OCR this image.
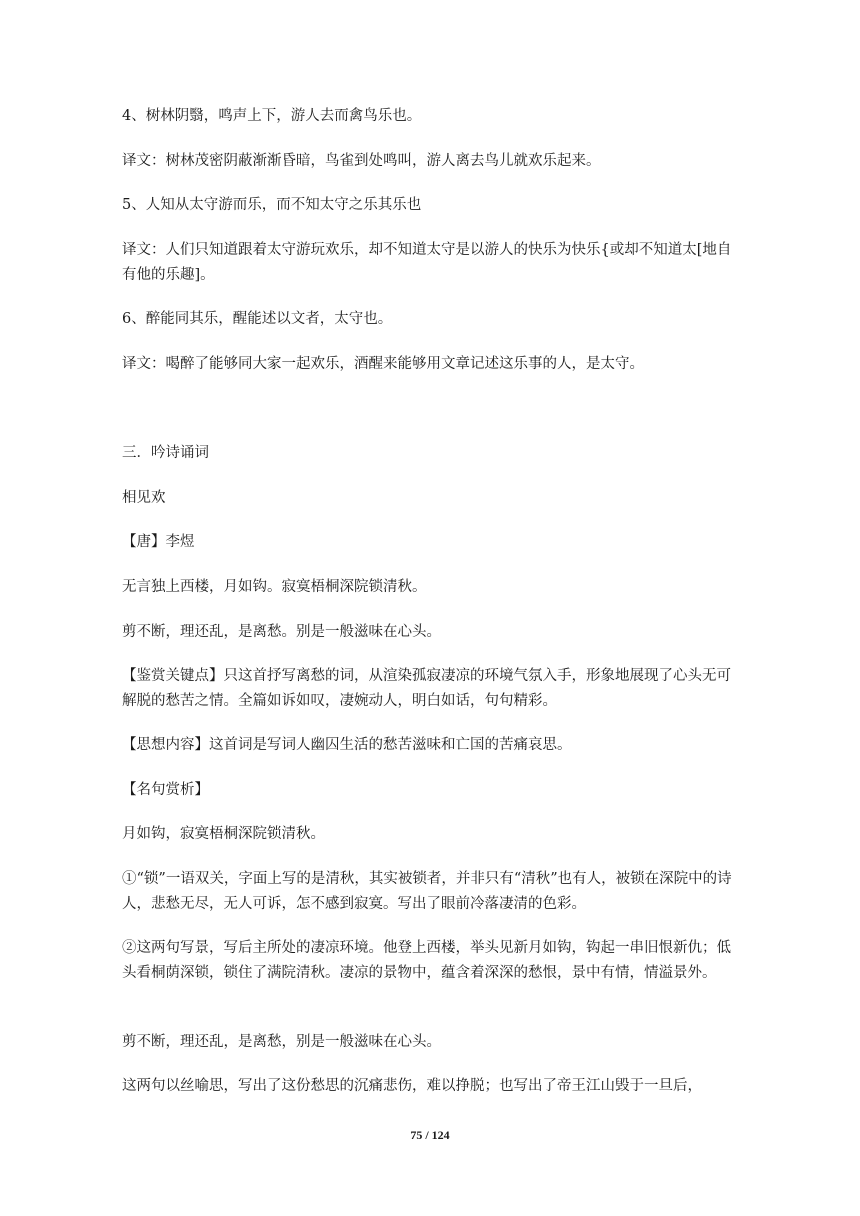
4、树林阴翳，鸣声上下，游人去而禽鸟乐也。

译文：树林茂密阴蔽渐渐昏暗，鸟雀到处鸣叫，游人离去鸟儿就欢乐起来。

5、人知从太守游而乐，而不知太守之乐其乐也

译文：人们只知道跟着太守游玩欢乐，却不知道太守是以游人的快乐为快乐{或却不知道太[地自有他的乐趣]。

6、醉能同其乐，醒能述以文者，太守也。

译文：喝醉了能够同大家一起欢乐，酒醒来能够用文章记述这乐事的人，是太守。

三．吟诗诵词

相见欢

【唐】李煜

无言独上西楼，月如钩。寂寞梧桐深院锁清秋。

剪不断，理还乱，是离愁。别是一般滋味在心头。

【鉴赏关键点】只这首抒写离愁的词，从渲染孤寂凄凉的环境气氛入手，形象地展现了心头无可解脱的愁苦之情。全篇如诉如叹，凄婉动人，明白如话，句句精彩。

【思想内容】这首词是写词人幽囚生活的愁苦滋味和亡国的苦痛哀思。

【名句赏析】

月如钩，寂寞梧桐深院锁清秋。

①“锁”一语双关，字面上写的是清秋，其实被锁者，并非只有“清秋”也有人，被锁在深院中的诗人，悲愁无尽，无人可诉，怎不感到寂寞。写出了眼前冷落凄清的色彩。

②这两句写景，写后主所处的凄凉环境。他登上西楼，举头见新月如钩，钩起一串旧恨新仇；低头看桐荫深锁，锁住了满院清秋。凄凉的景物中，蕴含着深深的愁恨，景中有情，情溢景外。

剪不断，理还乱，是离愁，别是一般滋味在心头。

这两句以丝喻思，写出了这份愁思的沉痛悲伤，难以挣脱；也写出了帝王江山毁于一旦后，

75 / 124
